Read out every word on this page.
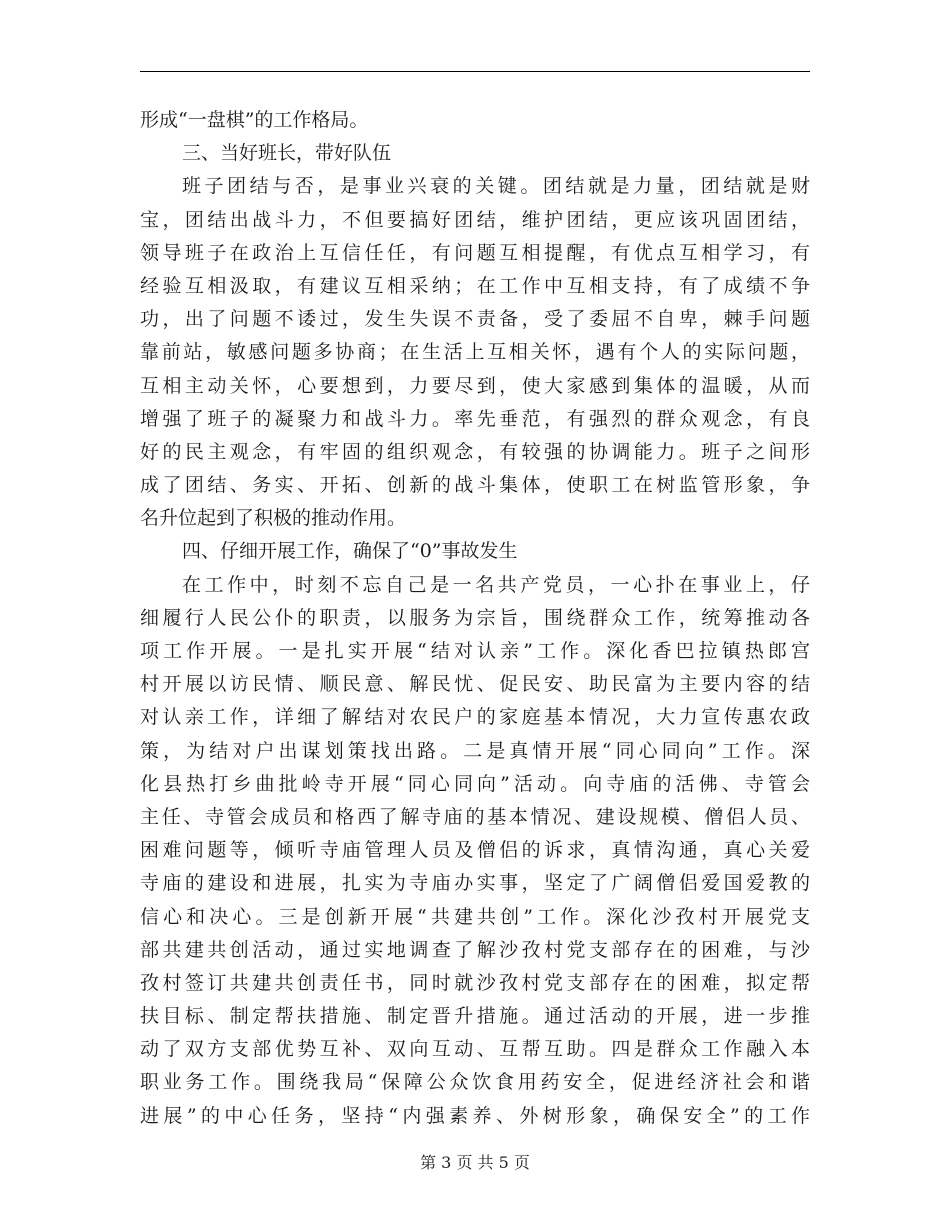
形成“一盘棋”的工作格局。
三、当好班长，带好队伍
班子团结与否，是事业兴衰的关键。团结就是力量，团结就是财
宝，团结出战斗力，不但要搞好团结，维护团结，更应该巩固团结，
领导班子在政治上互信任任，有问题互相提醒，有优点互相学习，有
经验互相汲取，有建议互相采纳；在工作中互相支持，有了成绩不争
功，出了问题不诿过，发生失误不责备，受了委屈不自卑，棘手问题
靠前站，敏感问题多协商；在生活上互相关怀，遇有个人的实际问题，
互相主动关怀，心要想到，力要尽到，使大家感到集体的温暖，从而
增强了班子的凝聚力和战斗力。率先垂范，有强烈的群众观念，有良
好的民主观念，有牢固的组织观念，有较强的协调能力。班子之间形
成了团结、务实、开拓、创新的战斗集体，使职工在树监管形象，争
名升位起到了积极的推动作用。
四、仔细开展工作，确保了“0”事故发生
在工作中，时刻不忘自己是一名共产党员，一心扑在事业上，仔
细履行人民公仆的职责，以服务为宗旨，围绕群众工作，统筹推动各
项工作开展。一是扎实开展“结对认亲”工作。深化香巴拉镇热郎宫
村开展以访民情、顺民意、解民忧、促民安、助民富为主要内容的结
对认亲工作，详细了解结对农民户的家庭基本情况，大力宣传惠农政
策，为结对户出谋划策找出路。二是真情开展“同心同向”工作。深
化县热打乡曲批岭寺开展“同心同向”活动。向寺庙的活佛、寺管会
主任、寺管会成员和格西了解寺庙的基本情况、建设规模、僧侣人员、
困难问题等，倾听寺庙管理人员及僧侣的诉求，真情沟通，真心关爱
寺庙的建设和进展，扎实为寺庙办实事，坚定了广阔僧侣爱国爱教的
信心和决心。三是创新开展“共建共创”工作。深化沙孜村开展党支
部共建共创活动，通过实地调查了解沙孜村党支部存在的困难，与沙
孜村签订共建共创责任书，同时就沙孜村党支部存在的困难，拟定帮
扶目标、制定帮扶措施、制定晋升措施。通过活动的开展，进一步推
动了双方支部优势互补、双向互动、互帮互助。四是群众工作融入本
职业务工作。围绕我局“保障公众饮食用药安全，促进经济社会和谐
进展”的中心任务，坚持“内强素养、外树形象，确保安全”的工作
第 3 页 共 5 页
